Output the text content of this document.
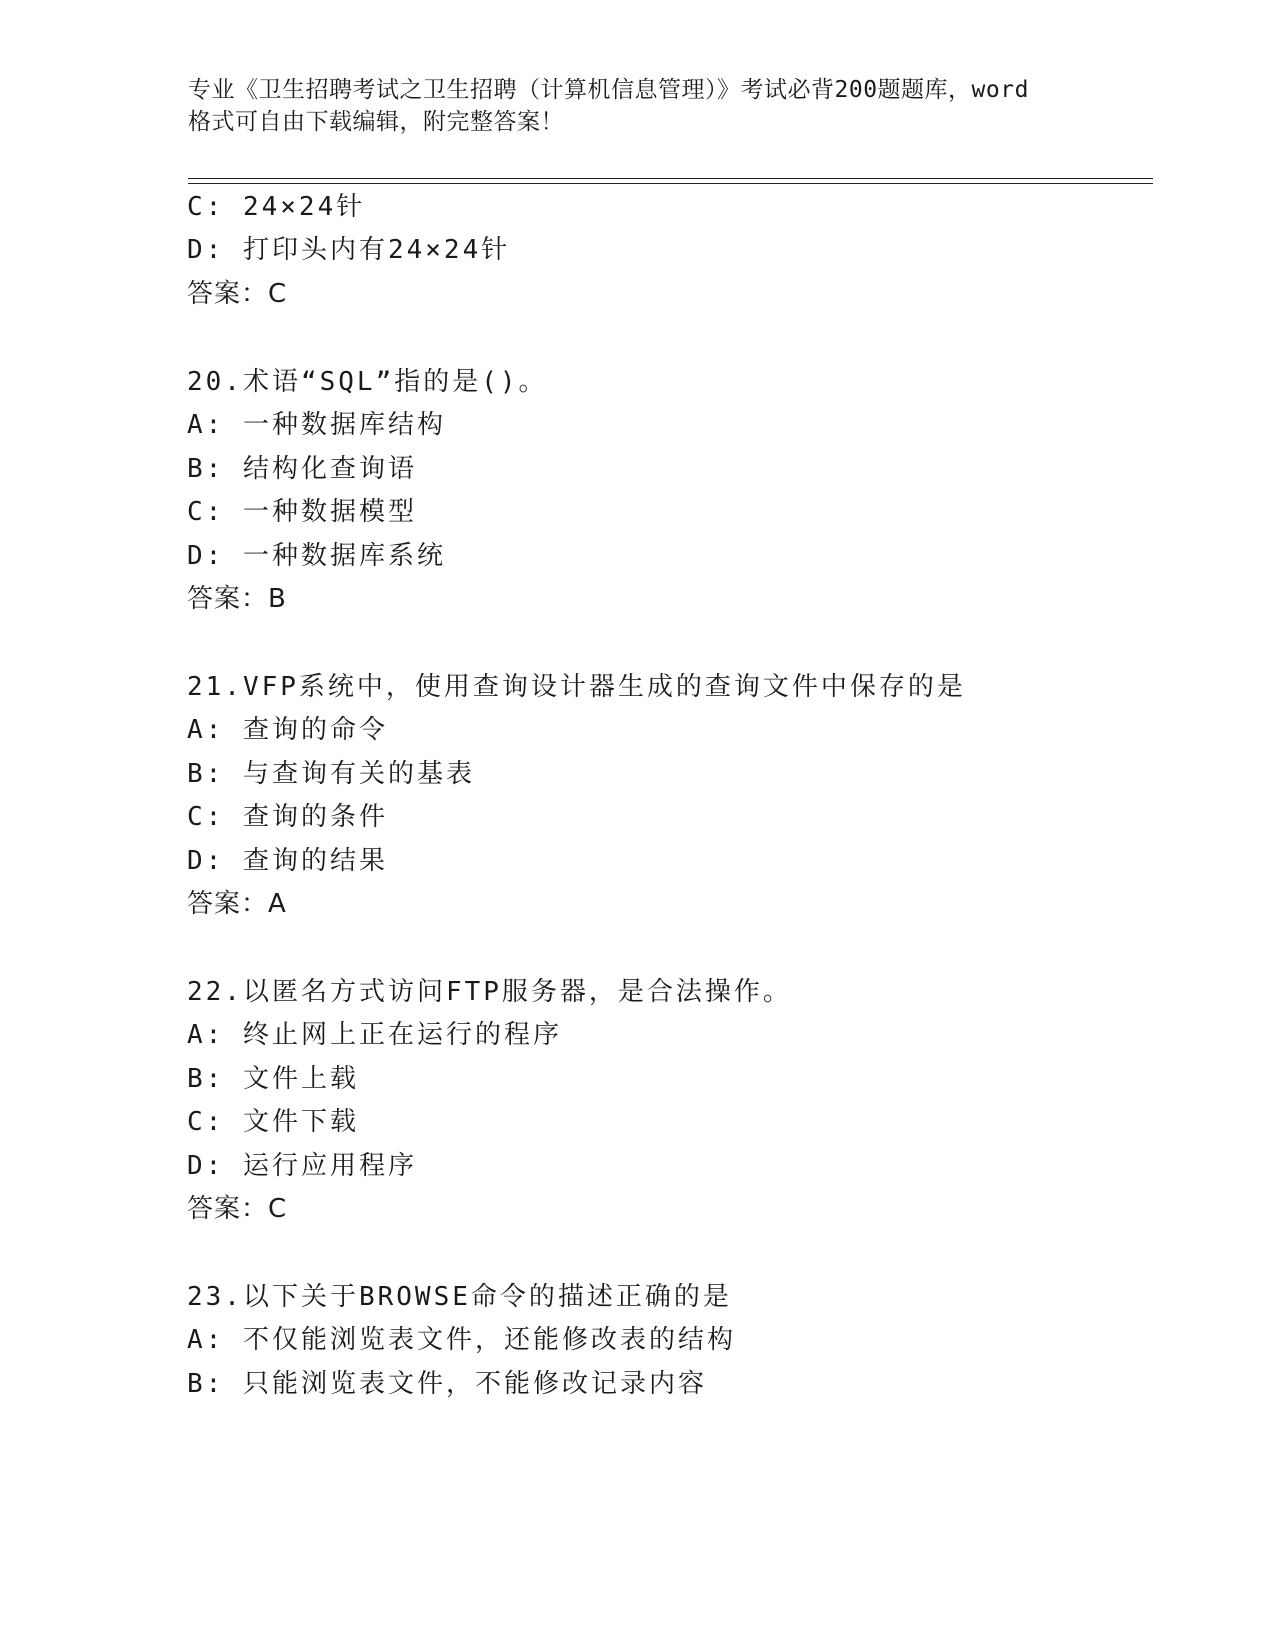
专业《卫生招聘考试之卫生招聘（计算机信息管理）》考试必背200题题库，word
格式可自由下载编辑，附完整答案！
C: 24×24针
D: 打印头内有24×24针
答案：C
20.术语“SQL”指的是()。
A: 一种数据库结构
B: 结构化查询语
C: 一种数据模型
D: 一种数据库系统
答案：B
21.VFP系统中，使用查询设计器生成的查询文件中保存的是
A: 查询的命令
B: 与查询有关的基表
C: 查询的条件
D: 查询的结果
答案：A
22.以匿名方式访问FTP服务器，是合法操作。
A: 终止网上正在运行的程序
B: 文件上载
C: 文件下载
D: 运行应用程序
答案：C
23.以下关于BROWSE命令的描述正确的是
A: 不仅能浏览表文件，还能修改表的结构
B: 只能浏览表文件，不能修改记录内容
